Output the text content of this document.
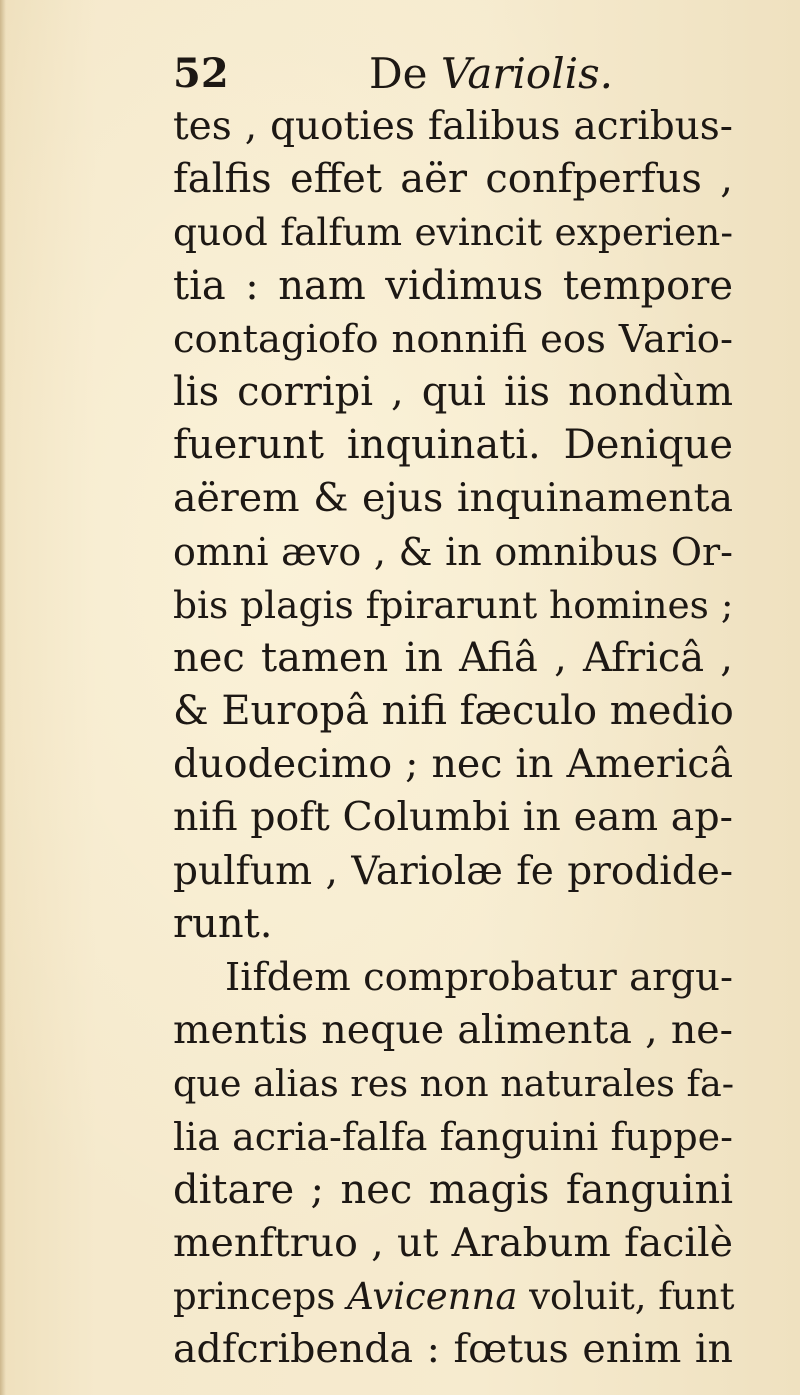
52	De Variolis.
tes , quoties falibus acribus-
falfis effet aër confperfus ,
quod falfum evincit experien-
tia : nam vidimus tempore
contagiofo nonnifi eos Vario-
lis corripi , qui iis nondùm
fuerunt inquinati. Denique
aërem & ejus inquinamenta
omni ævo , & in omnibus Or-
bis plagis fpirarunt homines ;
nec tamen in Afiâ , Africâ ,
& Europâ nifi fæculo medio
duodecimo ; nec in Americâ
nifi poft Columbi in eam ap-
pulfum , Variolæ fe prodide-
runt.
Iifdem comprobatur argu-
mentis neque alimenta , ne-
que alias res non naturales fa-
lia acria-falfa fanguini fuppe-
ditare ; nec magis fanguini
menftruo , ut Arabum facilè
princeps Avicenna voluit, funt
adfcribenda : fœtus enim in
